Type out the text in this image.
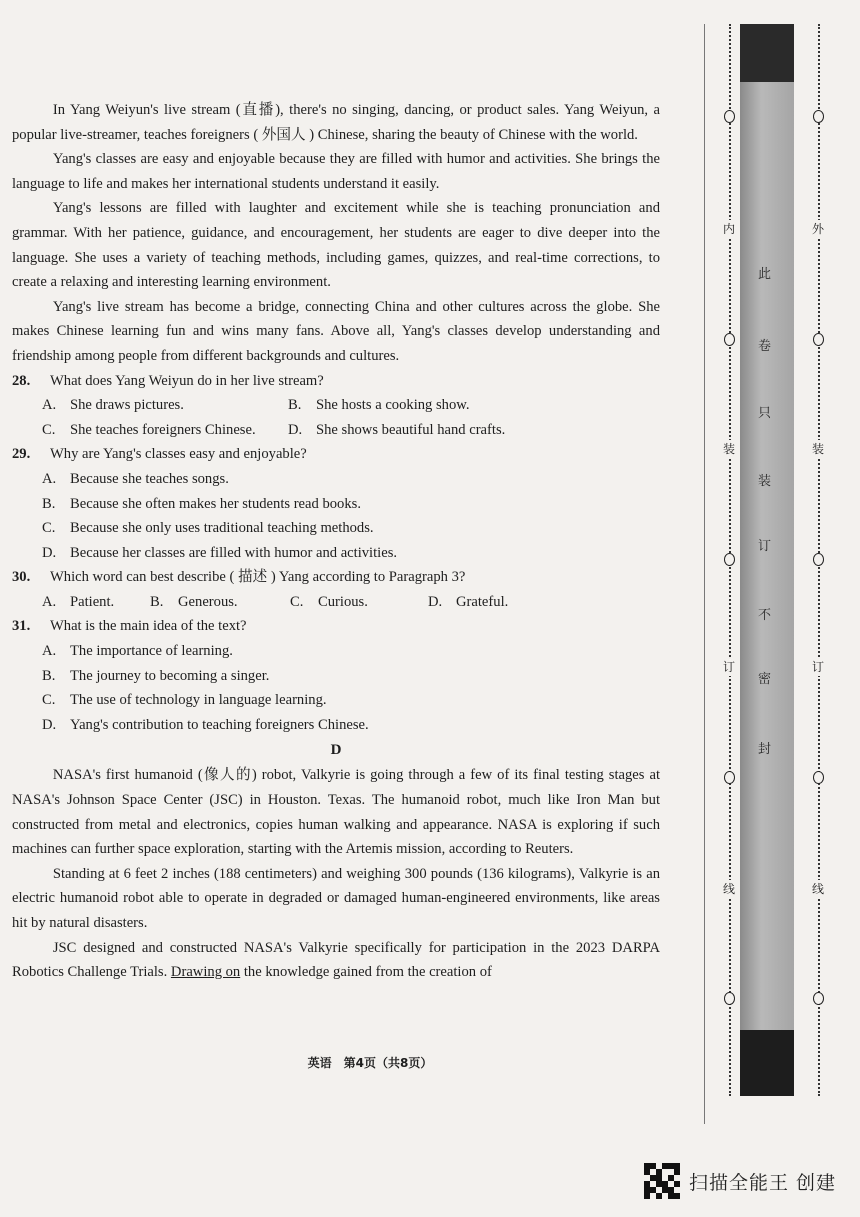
In Yang Weiyun's live stream (直播), there's no singing, dancing, or product sales. Yang Weiyun, a popular live-streamer, teaches foreigners ( 外国人 ) Chinese, sharing the beauty of Chinese with the world.

Yang's classes are easy and enjoyable because they are filled with humor and activities. She brings the language to life and makes her international students understand it easily.

Yang's lessons are filled with laughter and excitement while she is teaching pronunciation and grammar. With her patience, guidance, and encouragement, her students are eager to dive deeper into the language. She uses a variety of teaching methods, including games, quizzes, and real-time corrections, to create a relaxing and interesting learning environment.

Yang's live stream has become a bridge, connecting China and other cultures across the globe. She makes Chinese learning fun and wins many fans. Above all, Yang's classes develop understanding and friendship among people from different backgrounds and cultures.

28. What does Yang Weiyun do in her live stream?

A. She draws pictures.	B. She hosts a cooking show.
C. She teaches foreigners Chinese.	D. She shows beautiful hand crafts.

29. Why are Yang's classes easy and enjoyable?

A. Because she teaches songs.
B. Because she often makes her students read books.
C. Because she only uses traditional teaching methods.
D. Because her classes are filled with humor and activities.

30. Which word can best describe ( 描述 ) Yang according to Paragraph 3?

A. Patient.	B. Generous.	C. Curious.	D. Grateful.

31. What is the main idea of the text?

A. The importance of learning.
B. The journey to becoming a singer.
C. The use of technology in language learning.
D. Yang's contribution to teaching foreigners Chinese.

D

NASA's first humanoid (像人的) robot, Valkyrie is going through a few of its final testing stages at NASA's Johnson Space Center (JSC) in Houston. Texas. The humanoid robot, much like Iron Man but constructed from metal and electronics, copies human walking and appearance. NASA is exploring if such machines can further space exploration, starting with the Artemis mission, according to Reuters.

Standing at 6 feet 2 inches (188 centimeters) and weighing 300 pounds (136 kilograms), Valkyrie is an electric humanoid robot able to operate in degraded or damaged human-engineered environments, like areas hit by natural disasters.

JSC designed and constructed NASA's Valkyrie specifically for participation in the 2023 DARPA Robotics Challenge Trials. Drawing on the knowledge gained from the creation of

英语　第4页（共8页）
此
卷
只
装
订
不
密
封
内
装
订
线
外
装
订
线
扫描全能王 创建
